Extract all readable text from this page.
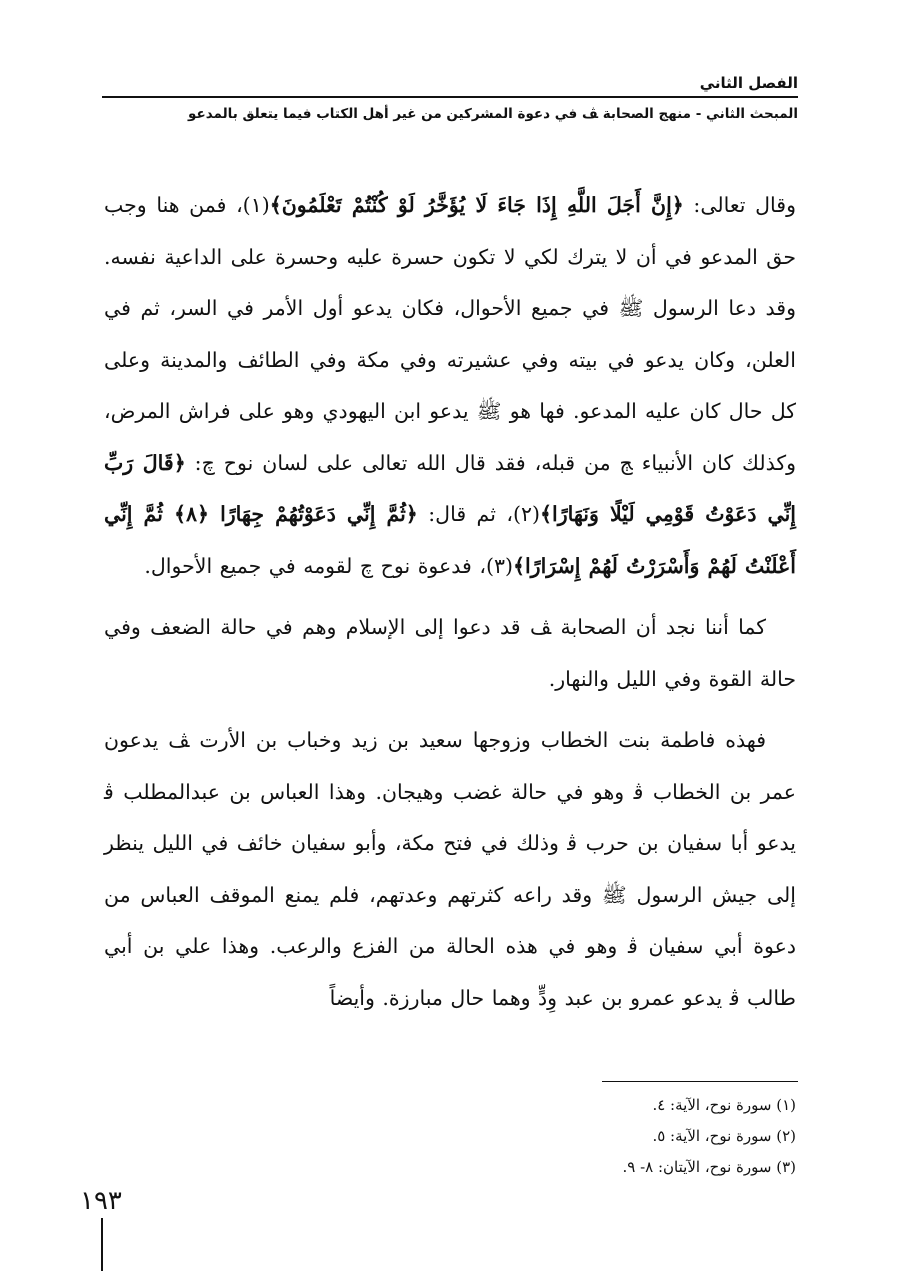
الفصل الثاني
المبحث الثاني - منهج الصحابة ﭫ في دعوة المشركين من غير أهل الكتاب فيما يتعلق بالمدعو

وقال تعالى: ﴿إِنَّ أَجَلَ اللَّهِ إِذَا جَاءَ لَا يُؤَخَّرُ لَوْ كُنْتُمْ تَعْلَمُونَ﴾(١)، فمن هنا وجب حق المدعو في أن لا يترك لكي لا تكون حسرة عليه وحسرة على الداعية نفسه. وقد دعا الرسول ﷺ في جميع الأحوال، فكان يدعو أول الأمر في السر، ثم في العلن، وكان يدعو في بيته وفي عشيرته وفي مكة وفي الطائف والمدينة وعلى كل حال كان عليه المدعو. فها هو ﷺ يدعو ابن اليهودي وهو على فراش المرض، وكذلك كان الأنبياء ﭳ من قبله، فقد قال الله تعالى على لسان نوح ﭺ: ﴿قَالَ رَبِّ إِنِّي دَعَوْتُ قَوْمِي لَيْلًا وَنَهَارًا﴾(٢)، ثم قال: ﴿ثُمَّ إِنِّي دَعَوْتُهُمْ جِهَارًا ﴿٨﴾ ثُمَّ إِنِّي أَعْلَنْتُ لَهُمْ وَأَسْرَرْتُ لَهُمْ إِسْرَارًا﴾(٣)، فدعوة نوح ﭺ لقومه في جميع الأحوال.

كما أننا نجد أن الصحابة ﭫ قد دعوا إلى الإسلام وهم في حالة الضعف وفي حالة القوة وفي الليل والنهار.

فهذه فاطمة بنت الخطاب وزوجها سعيد بن زيد وخباب بن الأرت ﭫ يدعون عمر بن الخطاب ﭬ وهو في حالة غضب وهيجان. وهذا العباس بن عبدالمطلب ﭬ يدعو أبا سفيان بن حرب ﭬ وذلك في فتح مكة، وأبو سفيان خائف في الليل ينظر إلى جيش الرسول ﷺ وقد راعه كثرتهم وعدتهم، فلم يمنع الموقف العباس من دعوة أبي سفيان ﭬ وهو في هذه الحالة من الفزع والرعب. وهذا علي بن أبي طالب ﭬ يدعو عمرو بن عبد وِدٍّ وهما حال مبارزة. وأيضاً

(١) سورة نوح، الآية: ٤.
(٢) سورة نوح، الآية: ٥.
(٣) سورة نوح، الآيتان: ٨- ٩.
١٩٣
